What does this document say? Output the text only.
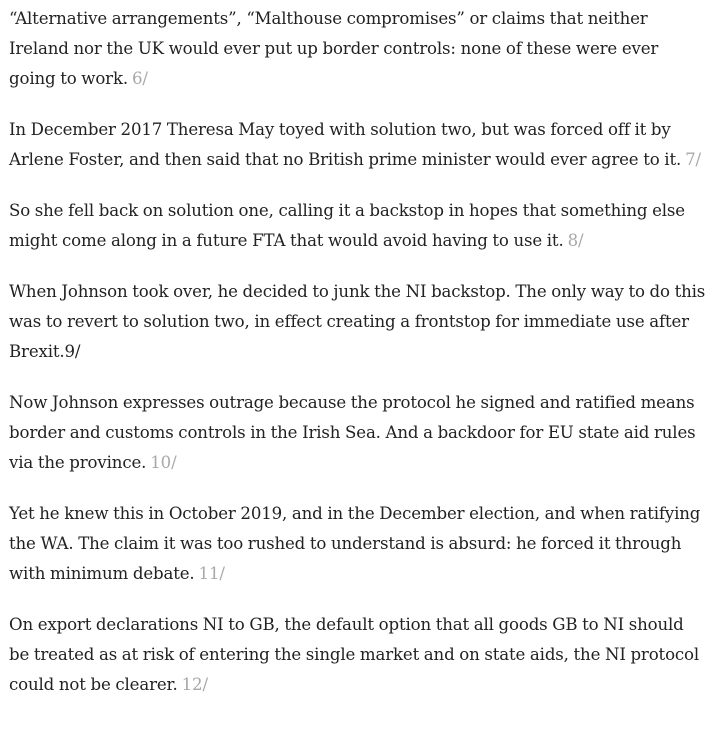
“Alternative arrangements”, “Malthouse compromises” or claims that neither Ireland nor the UK would ever put up border controls: none of these were ever going to work. 6/

In December 2017 Theresa May toyed with solution two, but was forced off it by Arlene Foster, and then said that no British prime minister would ever agree to it. 7/

So she fell back on solution one, calling it a backstop in hopes that something else might come along in a future FTA that would avoid having to use it. 8/

When Johnson took over, he decided to junk the NI backstop. The only way to do this was to revert to solution two, in effect creating a frontstop for immediate use after Brexit.9/

Now Johnson expresses outrage because the protocol he signed and ratified means border and customs controls in the Irish Sea. And a backdoor for EU state aid rules via the province. 10/

Yet he knew this in October 2019, and in the December election, and when ratifying the WA. The claim it was too rushed to understand is absurd: he forced it through with minimum debate. 11/

On export declarations NI to GB, the default option that all goods GB to NI should be treated as at risk of entering the single market and on state aids, the NI protocol could not be clearer. 12/
